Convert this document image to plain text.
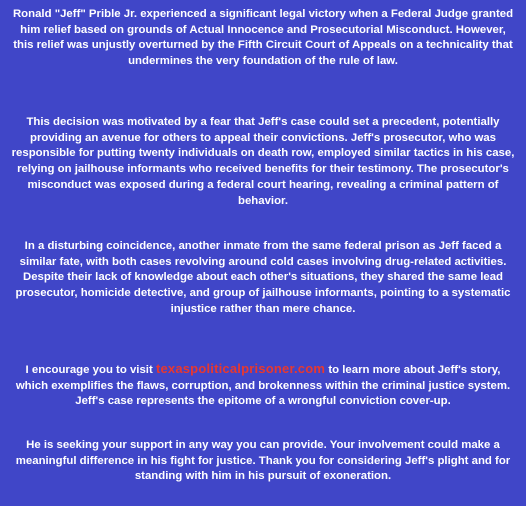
Ronald "Jeff" Prible Jr. experienced a significant legal victory when a Federal Judge granted him relief based on grounds of Actual Innocence and Prosecutorial Misconduct. However, this relief was unjustly overturned by the Fifth Circuit Court of Appeals on a technicality that undermines the very foundation of the rule of law.

This decision was motivated by a fear that Jeff's case could set a precedent, potentially providing an avenue for others to appeal their convictions. Jeff's prosecutor, who was responsible for putting twenty individuals on death row, employed similar tactics in his case, relying on jailhouse informants who received benefits for their testimony. The prosecutor's misconduct was exposed during a federal court hearing, revealing a criminal pattern of behavior.

In a disturbing coincidence, another inmate from the same federal prison as Jeff faced a similar fate, with both cases revolving around cold cases involving drug-related activities. Despite their lack of knowledge about each other's situations, they shared the same lead prosecutor, homicide detective, and group of jailhouse informants, pointing to a systematic injustice rather than mere chance.

I encourage you to visit texaspoliticalprisoner.com to learn more about Jeff's story, which exemplifies the flaws, corruption, and brokenness within the criminal justice system. Jeff's case represents the epitome of a wrongful conviction cover-up.

He is seeking your support in any way you can provide. Your involvement could make a meaningful difference in his fight for justice. Thank you for considering Jeff's plight and for standing with him in his pursuit of exoneration.
